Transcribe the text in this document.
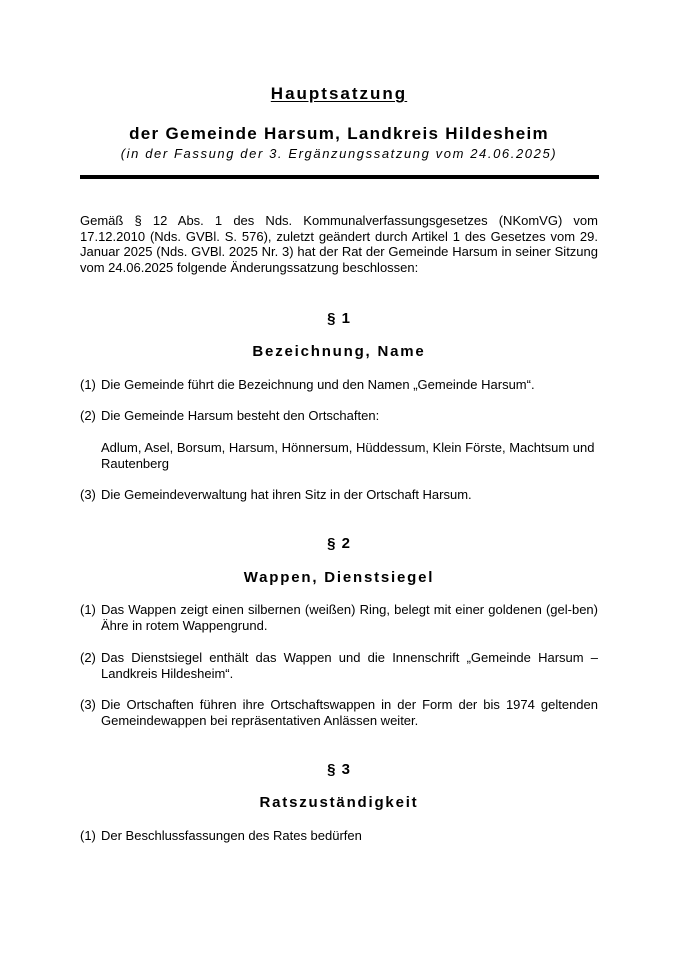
Hauptsatzung
der Gemeinde Harsum, Landkreis Hildesheim
(in der Fassung der 3. Ergänzungssatzung vom 24.06.2025)
Gemäß § 12 Abs. 1 des Nds. Kommunalverfassungsgesetzes (NKomVG) vom 17.12.2010 (Nds. GVBl. S. 576), zuletzt geändert durch Artikel 1 des Gesetzes vom 29. Januar 2025 (Nds. GVBl. 2025 Nr. 3) hat der Rat der Gemeinde Harsum in seiner Sitzung vom 24.06.2025 folgende Änderungssatzung beschlossen:
§ 1
Bezeichnung, Name
(1) Die Gemeinde führt die Bezeichnung und den Namen „Gemeinde Harsum“.
(2) Die Gemeinde Harsum besteht den Ortschaften:
Adlum, Asel, Borsum, Harsum, Hönnersum, Hüddessum, Klein Förste, Machtsum und Rautenberg
(3) Die Gemeindeverwaltung hat ihren Sitz in der Ortschaft Harsum.
§ 2
Wappen, Dienstsiegel
(1) Das Wappen zeigt einen silbernen (weißen) Ring, belegt mit einer goldenen (gel-ben) Ähre in rotem Wappengrund.
(2) Das Dienstsiegel enthält das Wappen und die Innenschrift „Gemeinde Harsum – Landkreis Hildesheim“.
(3) Die Ortschaften führen ihre Ortschaftswappen in der Form der bis 1974 geltenden Gemeindewappen bei repräsentativen Anlässen weiter.
§ 3
Ratszuständigkeit
(1) Der Beschlussfassungen des Rates bedürfen
